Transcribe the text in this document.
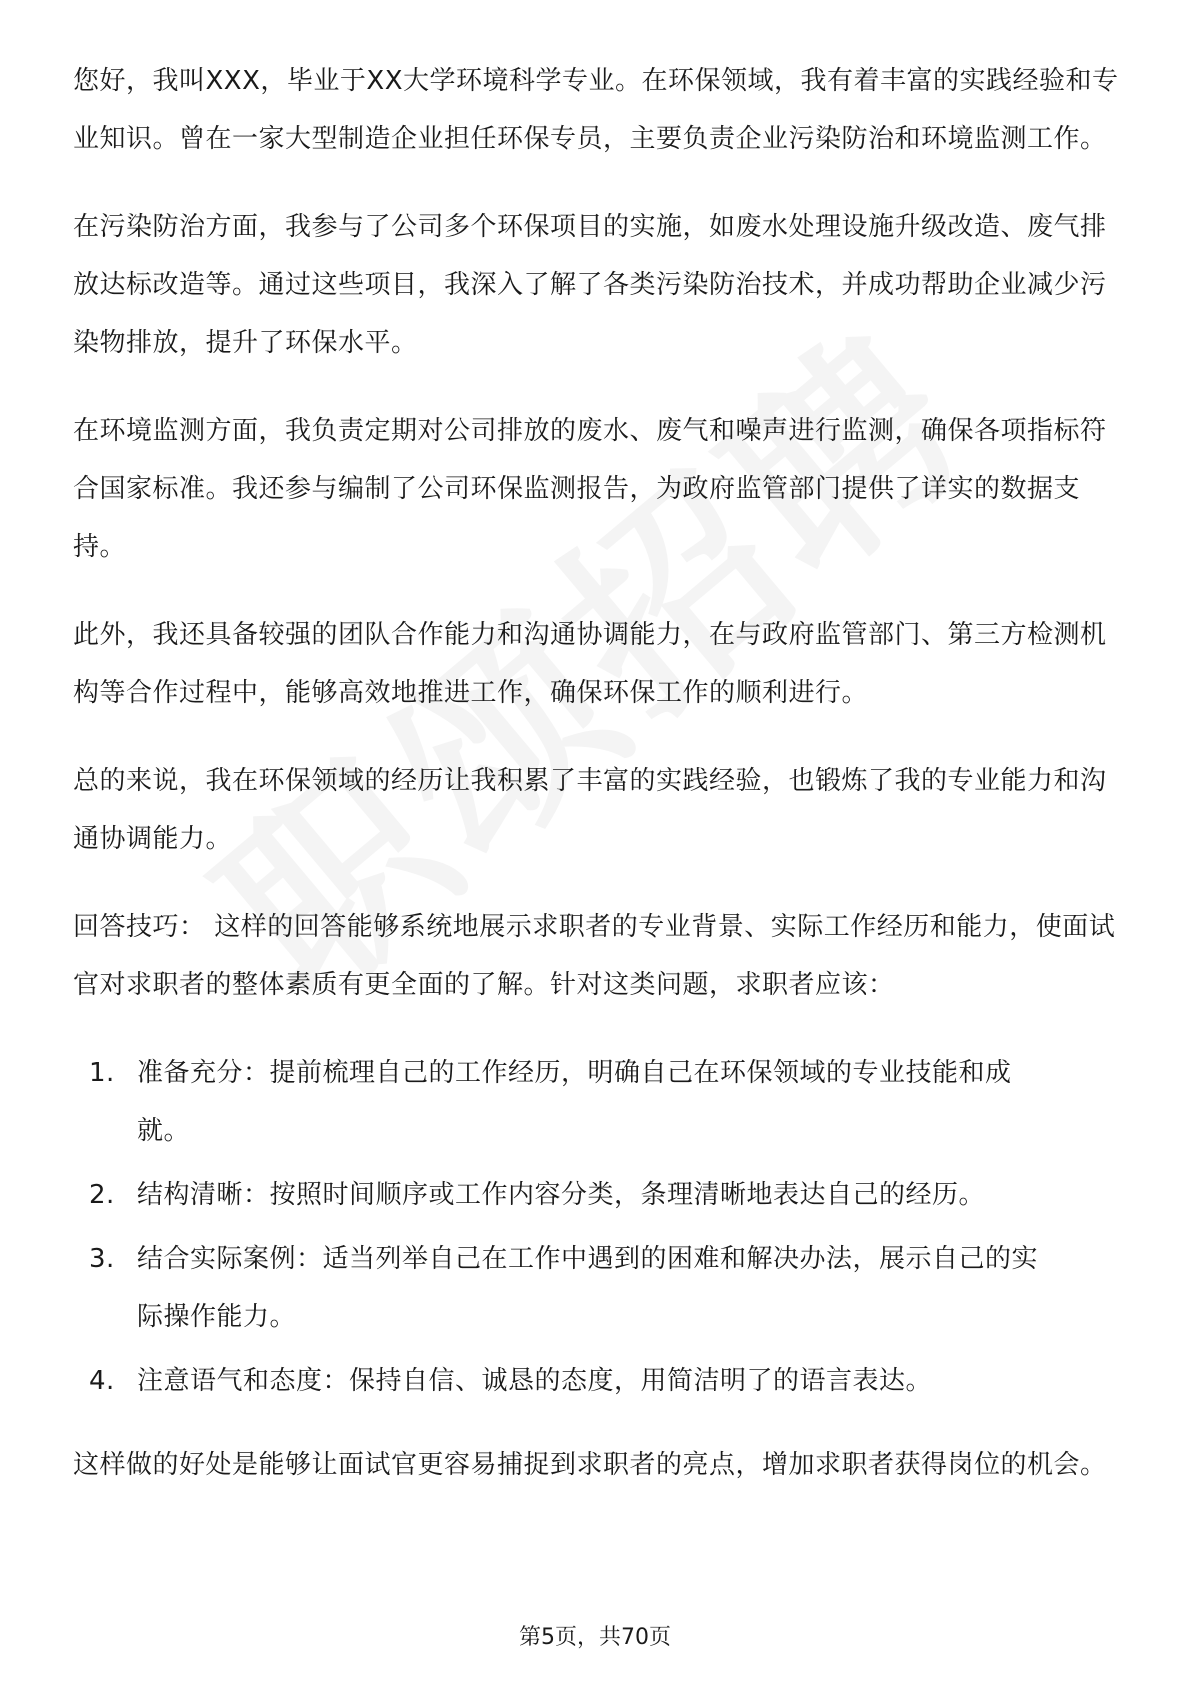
您好，我叫XXX，毕业于XX大学环境科学专业。在环保领域，我有着丰富的实践经验和专业知识。曾在一家大型制造企业担任环保专员，主要负责企业污染防治和环境监测工作。

在污染防治方面，我参与了公司多个环保项目的实施，如废水处理设施升级改造、废气排放达标改造等。通过这些项目，我深入了解了各类污染防治技术，并成功帮助企业减少污染物排放，提升了环保水平。

在环境监测方面，我负责定期对公司排放的废水、废气和噪声进行监测，确保各项指标符合国家标准。我还参与编制了公司环保监测报告，为政府监管部门提供了详实的数据支持。

此外，我还具备较强的团队合作能力和沟通协调能力，在与政府监管部门、第三方检测机构等合作过程中，能够高效地推进工作，确保环保工作的顺利进行。

总的来说，我在环保领域的经历让我积累了丰富的实践经验，也锻炼了我的专业能力和沟通协调能力。

回答技巧： 这样的回答能够系统地展示求职者的专业背景、实际工作经历和能力，使面试官对求职者的整体素质有更全面的了解。针对这类问题，求职者应该：

1. 准备充分：提前梳理自己的工作经历，明确自己在环保领域的专业技能和成就。
2. 结构清晰：按照时间顺序或工作内容分类，条理清晰地表达自己的经历。
3. 结合实际案例：适当列举自己在工作中遇到的困难和解决办法，展示自己的实际操作能力。
4. 注意语气和态度：保持自信、诚恳的态度，用简洁明了的语言表达。

这样做的好处是能够让面试官更容易捕捉到求职者的亮点，增加求职者获得岗位的机会。

第5页，共70页
